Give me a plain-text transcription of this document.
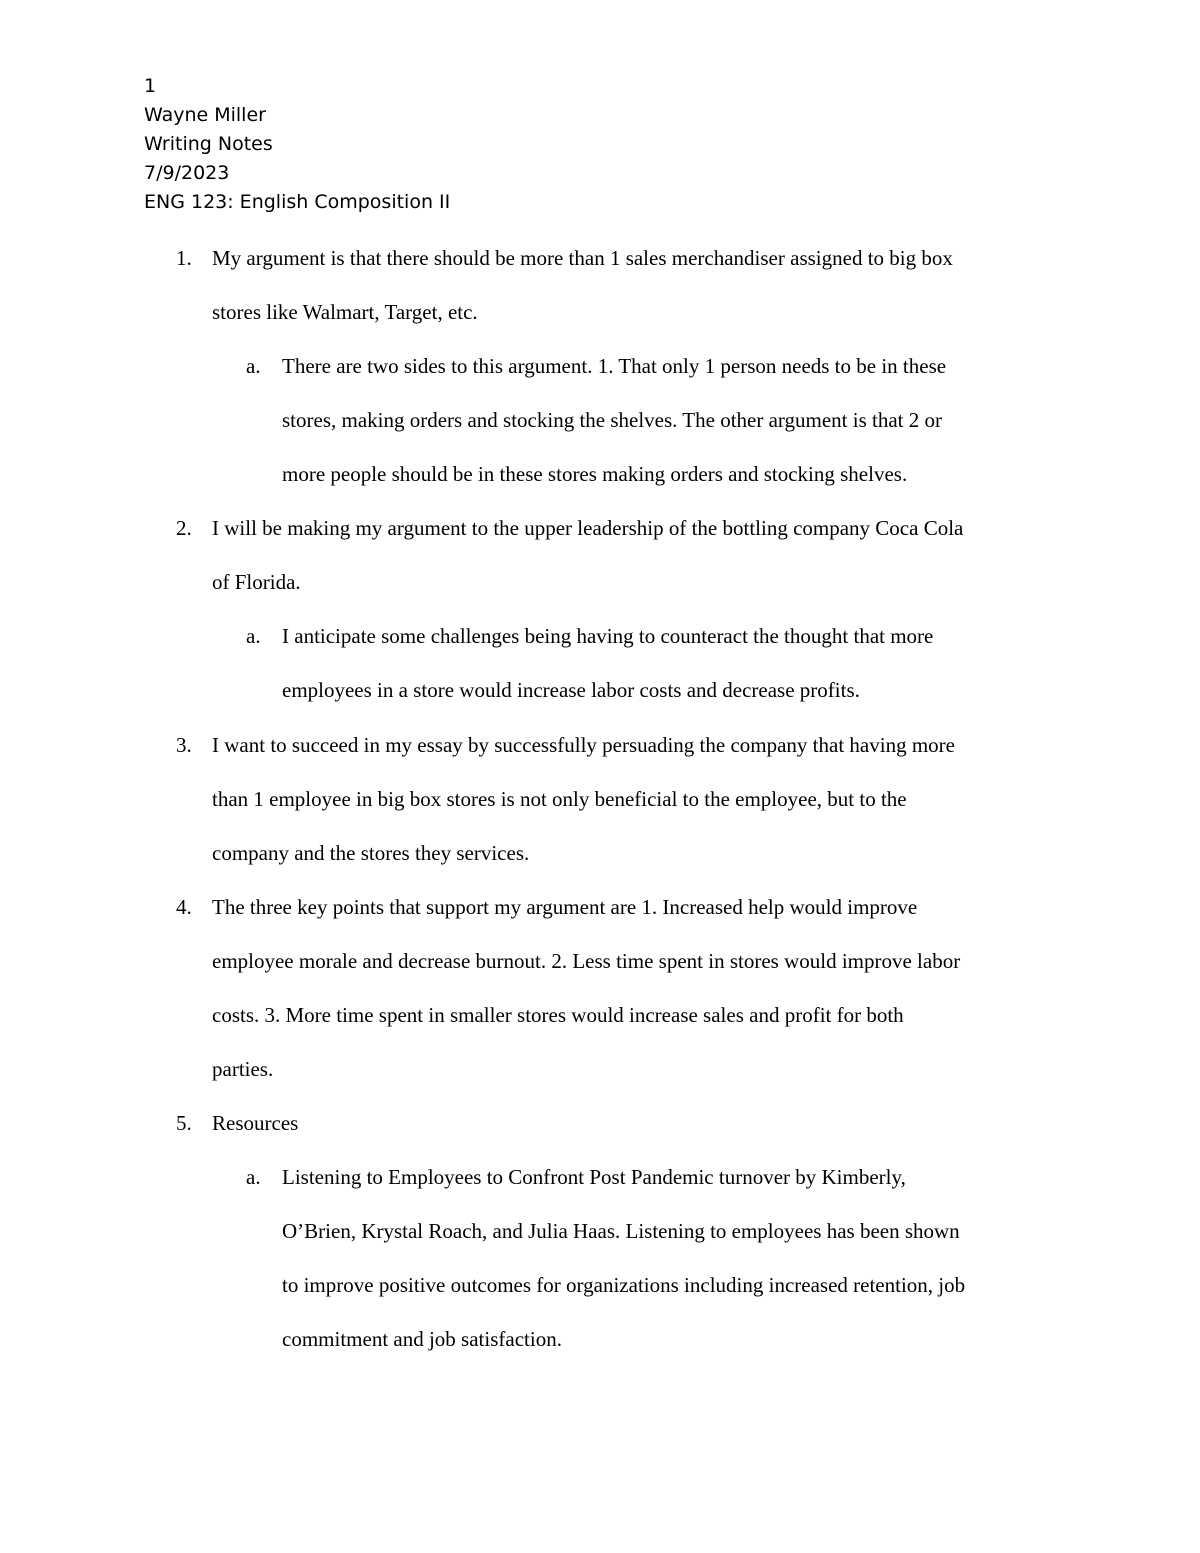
1
Wayne Miller
Writing Notes
7/9/2023
ENG 123: English Composition II
1. My argument is that there should be more than 1 sales merchandiser assigned to big box
stores like Walmart, Target, etc.
a. There are two sides to this argument. 1. That only 1 person needs to be in these
stores, making orders and stocking the shelves. The other argument is that 2 or
more people should be in these stores making orders and stocking shelves.
2. I will be making my argument to the upper leadership of the bottling company Coca Cola
of Florida.
a. I anticipate some challenges being having to counteract the thought that more
employees in a store would increase labor costs and decrease profits.
3. I want to succeed in my essay by successfully persuading the company that having more
than 1 employee in big box stores is not only beneficial to the employee, but to the
company and the stores they services.
4. The three key points that support my argument are 1. Increased help would improve
employee morale and decrease burnout. 2. Less time spent in stores would improve labor
costs. 3. More time spent in smaller stores would increase sales and profit for both
parties.
5. Resources
a. Listening to Employees to Confront Post Pandemic turnover by Kimberly,
O’Brien, Krystal Roach, and Julia Haas. Listening to employees has been shown
to improve positive outcomes for organizations including increased retention, job
commitment and job satisfaction.
